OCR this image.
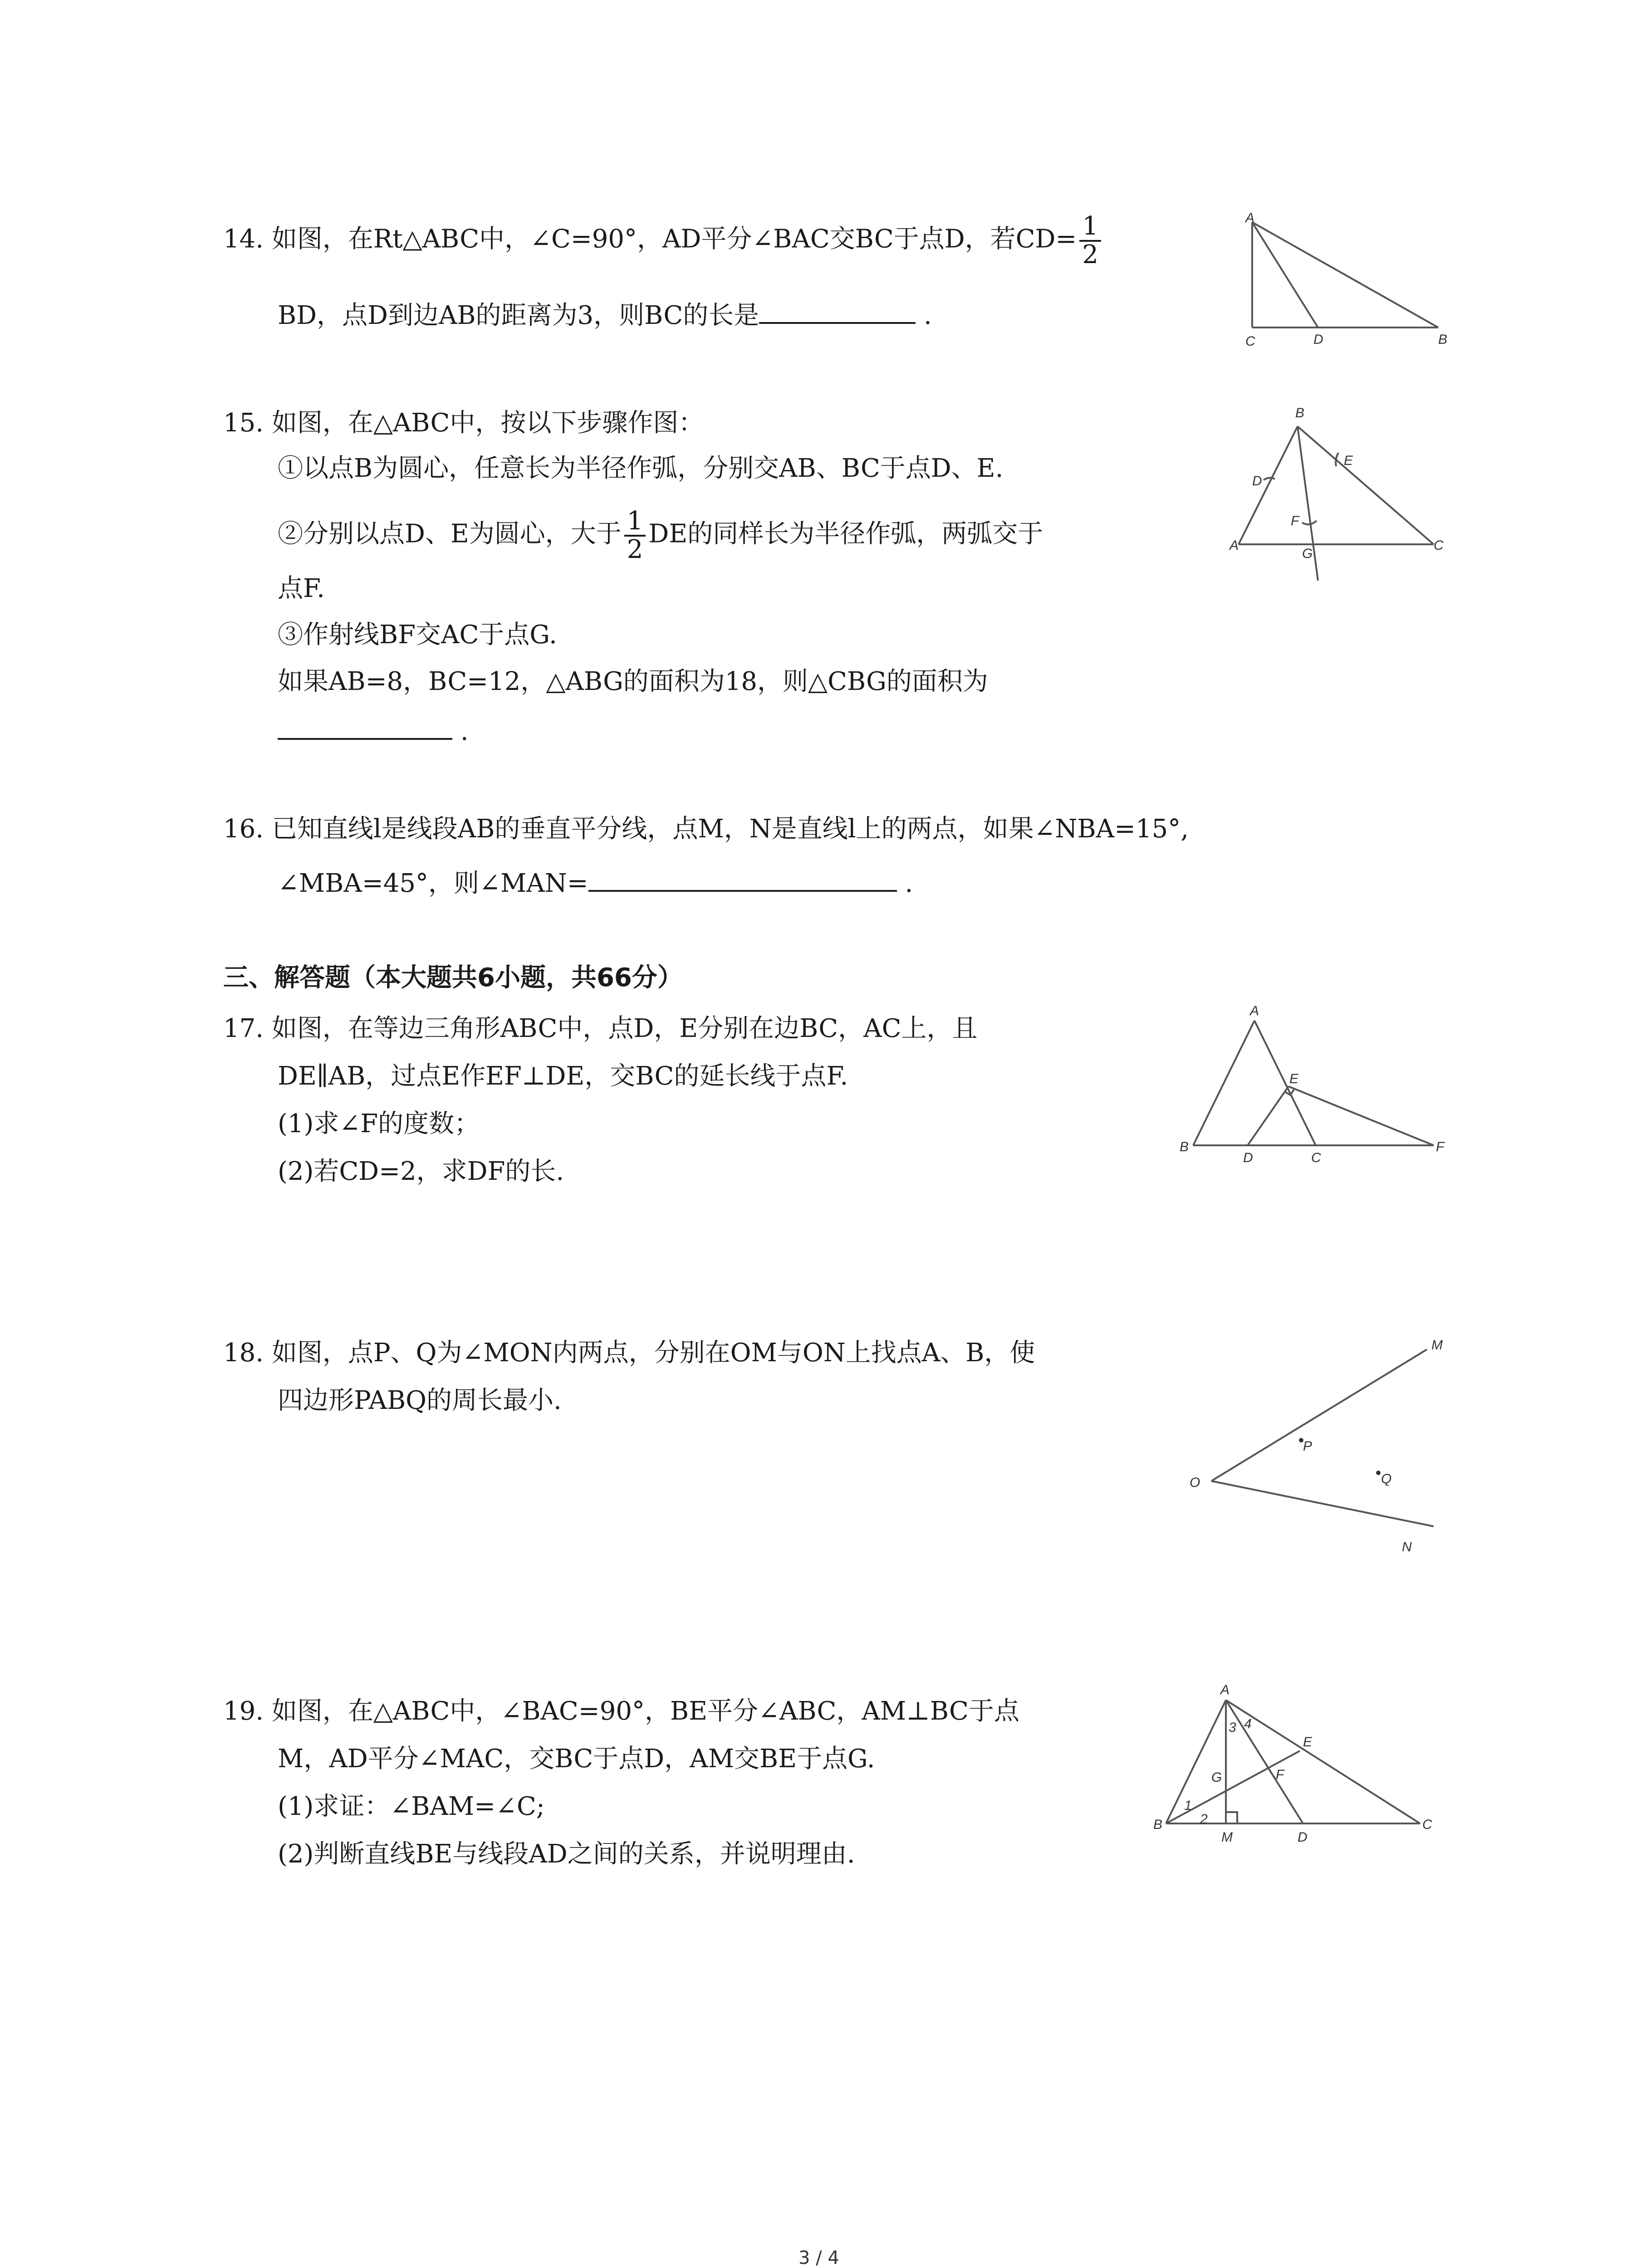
14. 如图，在Rt△ABC中，∠C=90°，AD平分∠BAC交BC于点D，若$CD= \frac{1}{2}$
BD，点D到边AB的距离为3，则BC的长是	.
A
C	D	B
15. 如图，在△ABC中，按以下步骤作图：
①以点B为圆心，任意长为半径作弧，分别交AB、BC于点D、E.
②分别以点D、E为圆心，大于 $\frac{1}{2}$ DE的同样长为半径作弧，两弧交于
点F.
③作射线BF交AC于点G.
如果AB=8，BC=12，△ABG的面积为18，则△CBG的面积为
.
B
D
E
F
A
G
C
16. 已知直线l是线段AB的垂直平分线，点M，N是直线l上的两点，如果∠NBA=15°,
∠MBA=45°，则∠MAN=	.
三、解答题（本大题共6小题，共66分）
17. 如图，在等边三角形ABC中，点D，E分别在边BC，AC上，且
DE∥AB，过点E作EF⊥DE，交BC的延长线于点F.
(1)求∠F的度数；
(2)若CD=2，求DF的长.
A
E
B
D	C
F
18. 如图，点P、Q为∠MON内两点，分别在OM与ON上找点A、B，使
四边形PABQ的周长最小.
M
P
O	Q
N
19. 如图，在△ABC中，∠BAC=90°，BE平分∠ABC，AM⊥BC于点
M，AD平分∠MAC，交BC于点D，AM交BE于点G.
(1)求证：∠BAM=∠C;
(2)判断直线BE与线段AD之间的关系，并说明理由.
A
3 4
E
G	F
1
2
B
M	D
C
3 / 4
